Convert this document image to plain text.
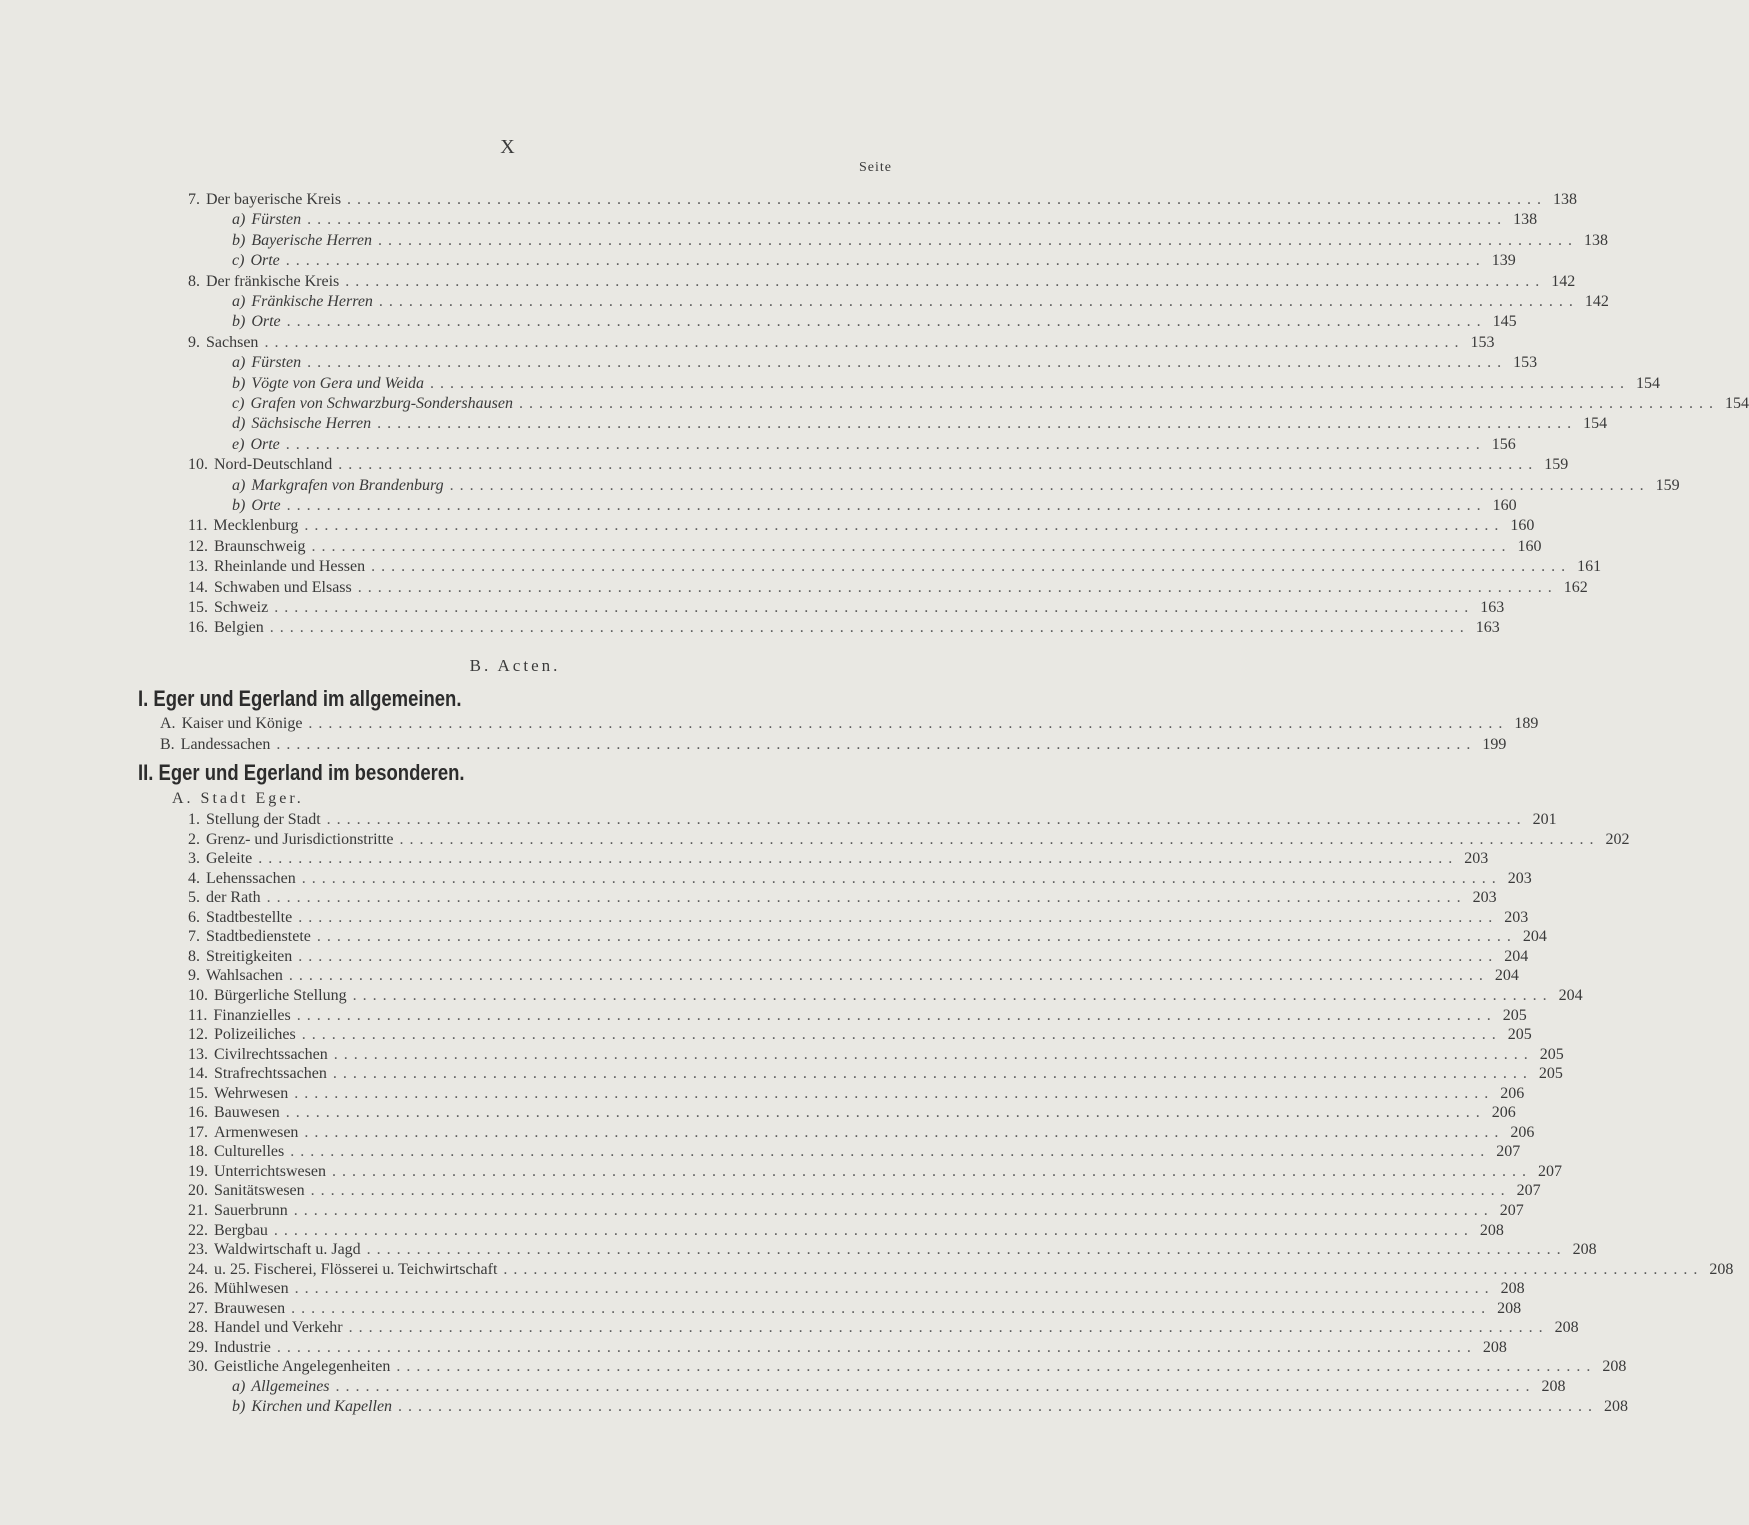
X
Seite
7. Der bayerische Kreis ........................................................................................................................ 138
a) Fürsten ........................................................................................................................ 138
b) Bayerische Herren ........................................................................................................................ 138
c) Orte ........................................................................................................................ 139
8. Der fränkische Kreis ........................................................................................................................ 142
a) Fränkische Herren ........................................................................................................................ 142
b) Orte ........................................................................................................................ 145
9. Sachsen ........................................................................................................................ 153
a) Fürsten ........................................................................................................................ 153
b) Vögte von Gera und Weida ........................................................................................................................ 154
c) Grafen von Schwarzburg-Sondershausen ........................................................................................................................ 154
d) Sächsische Herren ........................................................................................................................ 154
e) Orte ........................................................................................................................ 156
10. Nord-Deutschland ........................................................................................................................ 159
a) Markgrafen von Brandenburg ........................................................................................................................ 159
b) Orte ........................................................................................................................ 160
11. Mecklenburg ........................................................................................................................ 160
12. Braunschweig ........................................................................................................................ 160
13. Rheinlande und Hessen ........................................................................................................................ 161
14. Schwaben und Elsass ........................................................................................................................ 162
15. Schweiz ........................................................................................................................ 163
16. Belgien ........................................................................................................................ 163
B. Acten.
I. Eger und Egerland im allgemeinen.
A. Kaiser und Könige ........................................................................................................................ 189
B. Landessachen ........................................................................................................................ 199
II. Eger und Egerland im besonderen.
A. Stadt Eger.
1. Stellung der Stadt ........................................................................................................................ 201
2. Grenz- und Jurisdictionstritte ........................................................................................................................ 202
3. Geleite ........................................................................................................................ 203
4. Lehenssachen ........................................................................................................................ 203
5. der Rath ........................................................................................................................ 203
6. Stadtbestellte ........................................................................................................................ 203
7. Stadtbedienstete ........................................................................................................................ 204
8. Streitigkeiten ........................................................................................................................ 204
9. Wahlsachen ........................................................................................................................ 204
10. Bürgerliche Stellung ........................................................................................................................ 204
11. Finanzielles ........................................................................................................................ 205
12. Polizeiliches ........................................................................................................................ 205
13. Civilrechtssachen ........................................................................................................................ 205
14. Strafrechtssachen ........................................................................................................................ 205
15. Wehrwesen ........................................................................................................................ 206
16. Bauwesen ........................................................................................................................ 206
17. Armenwesen ........................................................................................................................ 206
18. Culturelles ........................................................................................................................ 207
19. Unterrichtswesen ........................................................................................................................ 207
20. Sanitätswesen ........................................................................................................................ 207
21. Sauerbrunn ........................................................................................................................ 207
22. Bergbau ........................................................................................................................ 208
23. Waldwirtschaft u. Jagd ........................................................................................................................ 208
24. u. 25. Fischerei, Flösserei u. Teichwirtschaft ........................................................................................................................ 208
26. Mühlwesen ........................................................................................................................ 208
27. Brauwesen ........................................................................................................................ 208
28. Handel und Verkehr ........................................................................................................................ 208
29. Industrie ........................................................................................................................ 208
30. Geistliche Angelegenheiten ........................................................................................................................ 208
a) Allgemeines ........................................................................................................................ 208
b) Kirchen und Kapellen ........................................................................................................................ 208
